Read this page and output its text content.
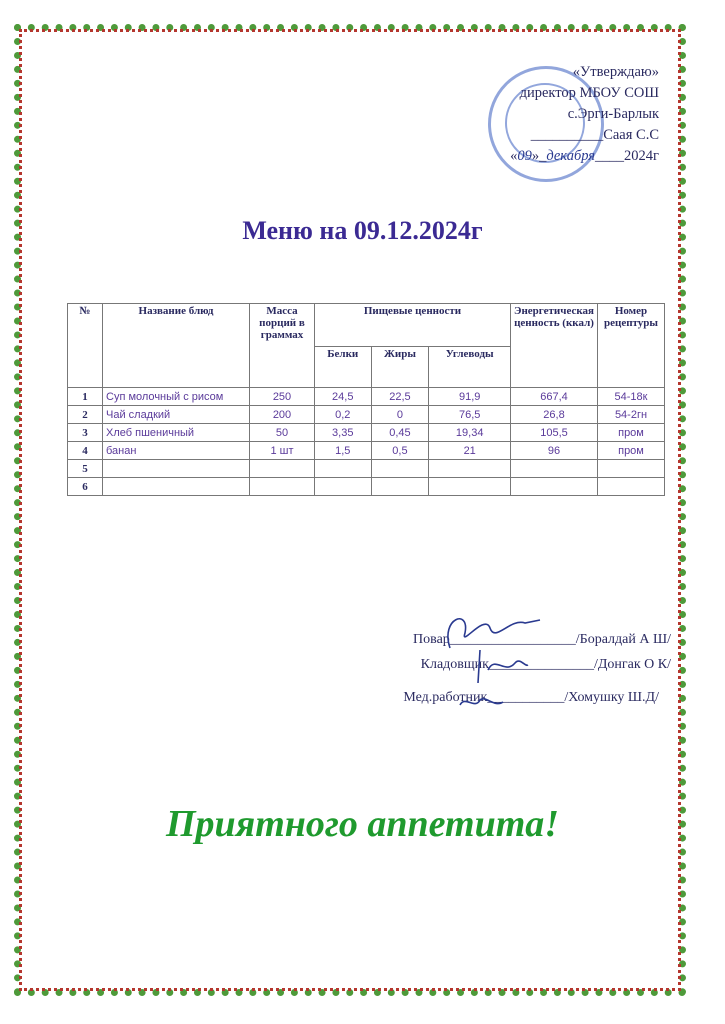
«Утверждаю»
директор МБОУ СОШ
с.Эрги-Барлык
__________Саая С.С
«09»_декабря____2024г
Меню на 09.12.2024г
№	Название блюд	Масса порций в граммах	Пищевые ценности			Энергетическая ценность (ккал)	Номер рецептуры
			Белки	Жиры	Углеводы		
1	Суп молочный с рисом	250	24,5	22,5	91,9	667,4	54-18к
2	Чай сладкий	200	0,2	0	76,5	26,8	54-2гн
3	Хлеб пшеничный	50	3,35	0,45	19,34	105,5	пром
4	банан	1 шт	1,5	0,5	21	96	пром
5							
6							
Повар__________________/Боралдай А Ш/
Кладовщик_______________/Донгак О К/
Мед.работник___________/Хомушку Ш.Д/
Приятного аппетита!
